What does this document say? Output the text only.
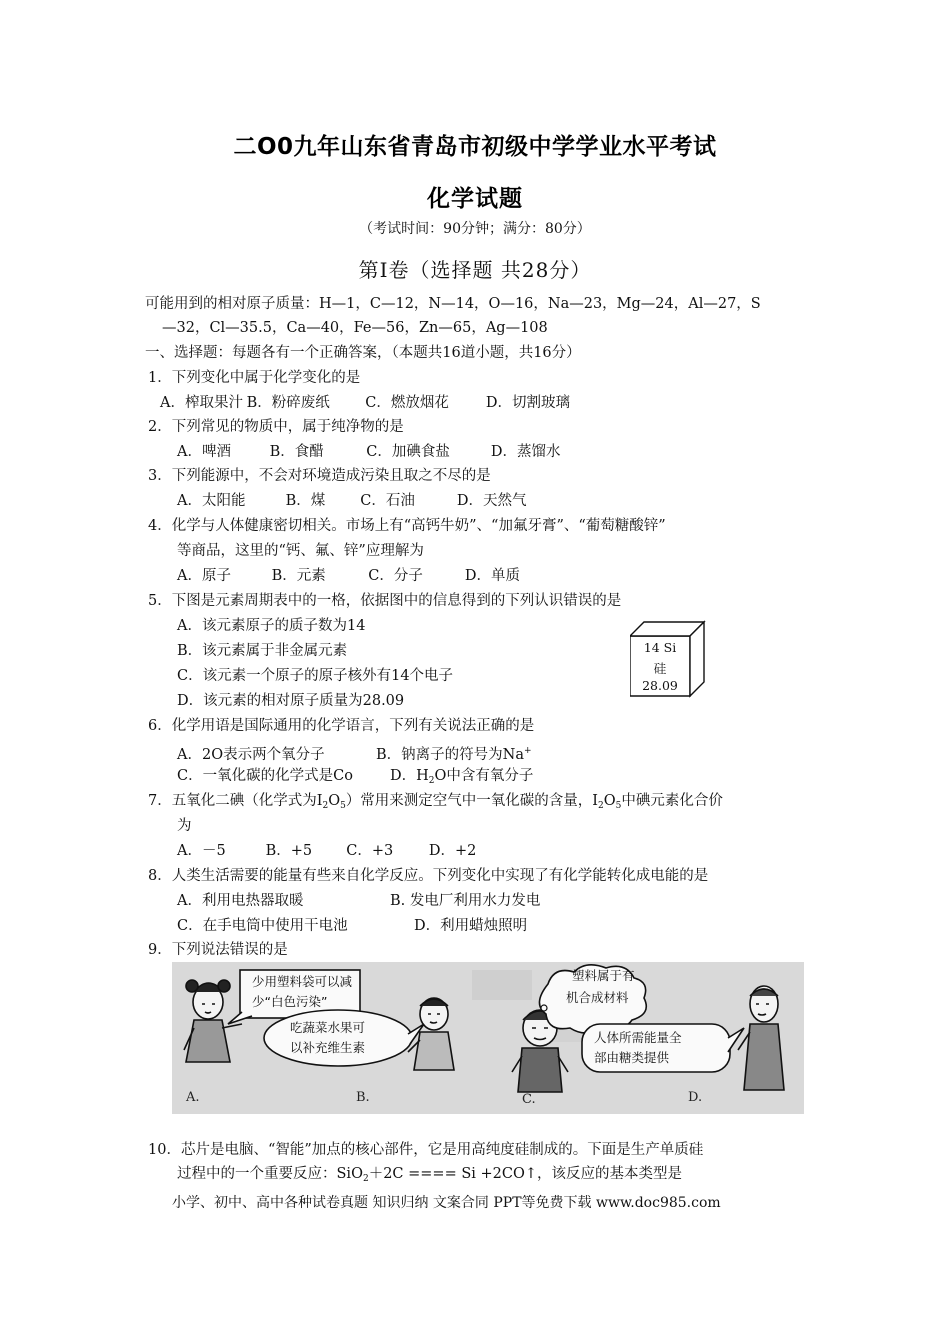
二O0九年山东省青岛市初级中学学业水平考试
化学试题
（考试时间：90分钟；满分：80分）
第Ⅰ卷（选择题 共28分）
可能用到的相对原子质量：H—1，C—12，N—14，O—16，Na—23，Mg—24，Al—27，S
—32，Cl—35.5，Ca—40，Fe—56，Zn—65，Ag—108
一、选择题：每题各有一个正确答案，（本题共16道小题，共16分）
1．下列变化中属于化学变化的是
A．榨取果汁 B．粉碎废纸 C．燃放烟花	D．切割玻璃
2．下列常见的物质中，属于纯净物的是
A．啤酒	B．食醋	C．加碘食盐	D．蒸馏水
3．下列能源中，不会对环境造成污染且取之不尽的是
A．太阳能	B．煤 C．石油	D．天然气
4．化学与人体健康密切相关。市场上有“高钙牛奶”、“加氟牙膏”、“葡萄糖酸锌”
等商品，这里的“钙、氟、锌”应理解为
A．原子	B．元素	C．分子	D．单质
5．下图是元素周期表中的一格，依据图中的信息得到的下列认识错误的是
A．该元素原子的质子数为14
B．该元素属于非金属元素
C．该元素一个原子的原子核外有14个电子
D．该元素的相对原子质量为28.09
14 Si
硅
28.09
6．化学用语是国际通用的化学语言，下列有关说法正确的是
A．2O表示两个氧分子	B．钠离子的符号为Na+
C．一氧化碳的化学式是Co	D．$H_2O$中含有氧分子
7．五氧化二碘（化学式为$I_2O_5$）常用来测定空气中一氧化碳的含量，$I_2O_5$中碘元素化合价
为
A．－5	B．+5 C．+3 D．+2
8．人类生活需要的能量有些来自化学反应。下列变化中实现了有化学能转化成电能的是
A．利用电热器取暖	B. 发电厂利用水力发电
C．在手电筒中使用干电池	D．利用蜡烛照明
9．下列说法错误的是
少用塑料袋可以减
少“白色污染”
吃蔬菜水果可
以补充维生素
塑料属于有
机合成材料
人体所需能量全
部由糖类提供
A.	B.	C.	D.
10．芯片是电脑、“智能”加点的核心部件，它是用高纯度硅制成的。下面是生产单质硅
过程中的一个重要反应：SiO$_2$＋2C ==== Si +2CO↑，该反应的基本类型是
小学、初中、高中各种试卷真题 知识归纳 文案合同 PPT等免费下载 www.doc985.com
